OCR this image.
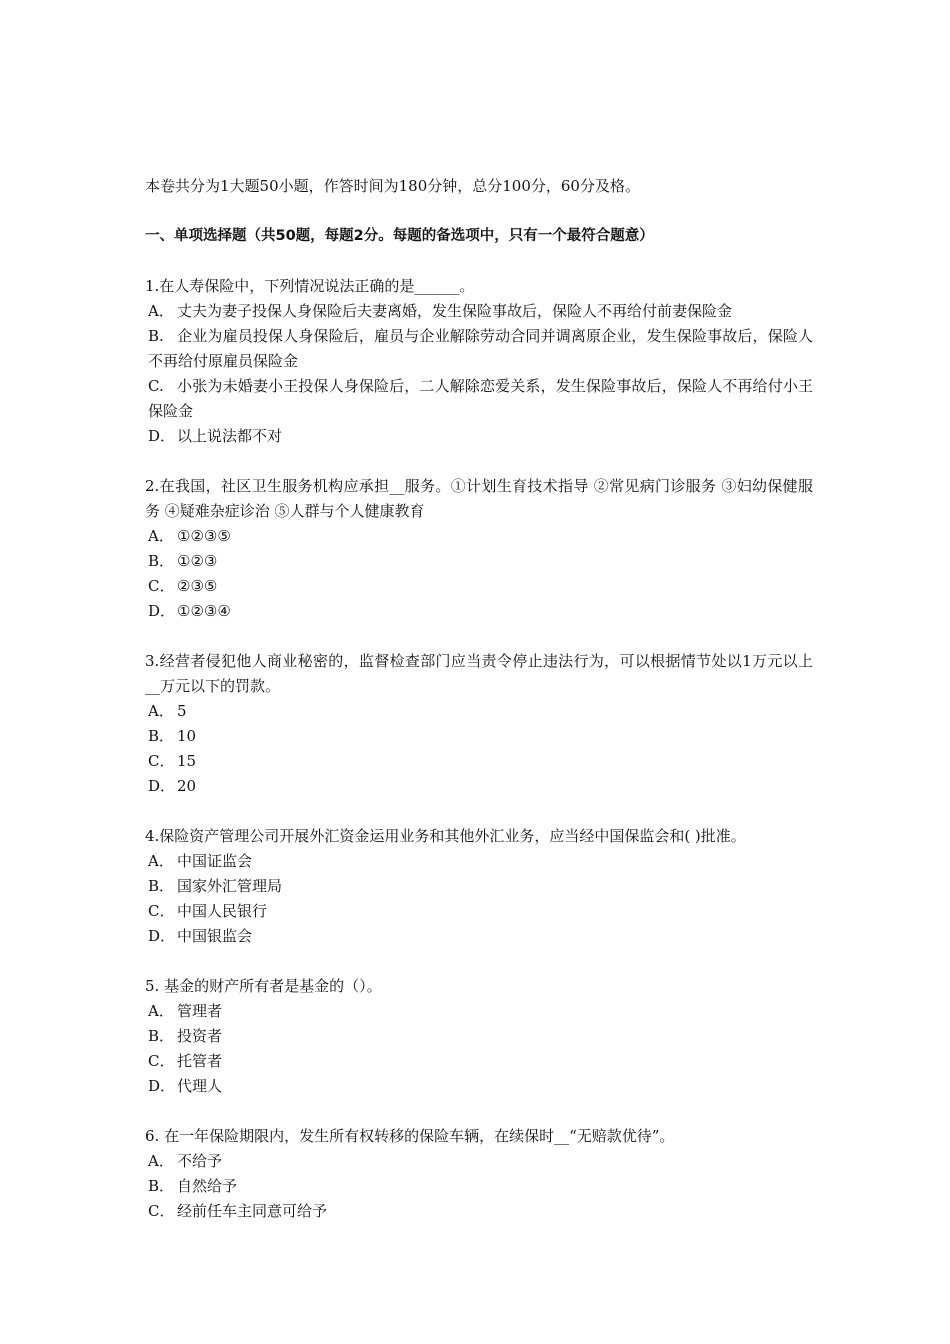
本卷共分为1大题50小题，作答时间为180分钟，总分100分，60分及格。

一、单项选择题（共50题，每题2分。每题的备选项中，只有一个最符合题意）

1.在人寿保险中，下列情况说法正确的是______。

A． 丈夫为妻子投保人身保险后夫妻离婚，发生保险事故后，保险人不再给付前妻保险金

B. 企业为雇员投保人身保险后，雇员与企业解除劳动合同并调离原企业，发生保险事故后，保险人不再给付原雇员保险金

C. 小张为未婚妻小王投保人身保险后，二人解除恋爱关系，发生保险事故后，保险人不再给付小王保险金

D． 以上说法都不对

2.在我国，社区卫生服务机构应承担__服务。①计划生育技术指导 ②常见病门诊服务 ③妇幼保健服务 ④疑难杂症诊治 ⑤人群与个人健康教育

A． ①②③⑤

B． ①②③

C． ②③⑤

D． ①②③④

3.经营者侵犯他人商业秘密的，监督检查部门应当责令停止违法行为，可以根据情节处以1万元以上__万元以下的罚款。

A． 5

B． 10

C． 15

D． 20

4.保险资产管理公司开展外汇资金运用业务和其他外汇业务，应当经中国保监会和( )批准。

A． 中国证监会

B． 国家外汇管理局

C． 中国人民银行

D． 中国银监会

5. 基金的财产所有者是基金的（）。

A． 管理者

B． 投资者

C． 托管者

D． 代理人

6. 在一年保险期限内，发生所有权转移的保险车辆，在续保时__“无赔款优待”。

A． 不给予

B． 自然给予

C． 经前任车主同意可给予
